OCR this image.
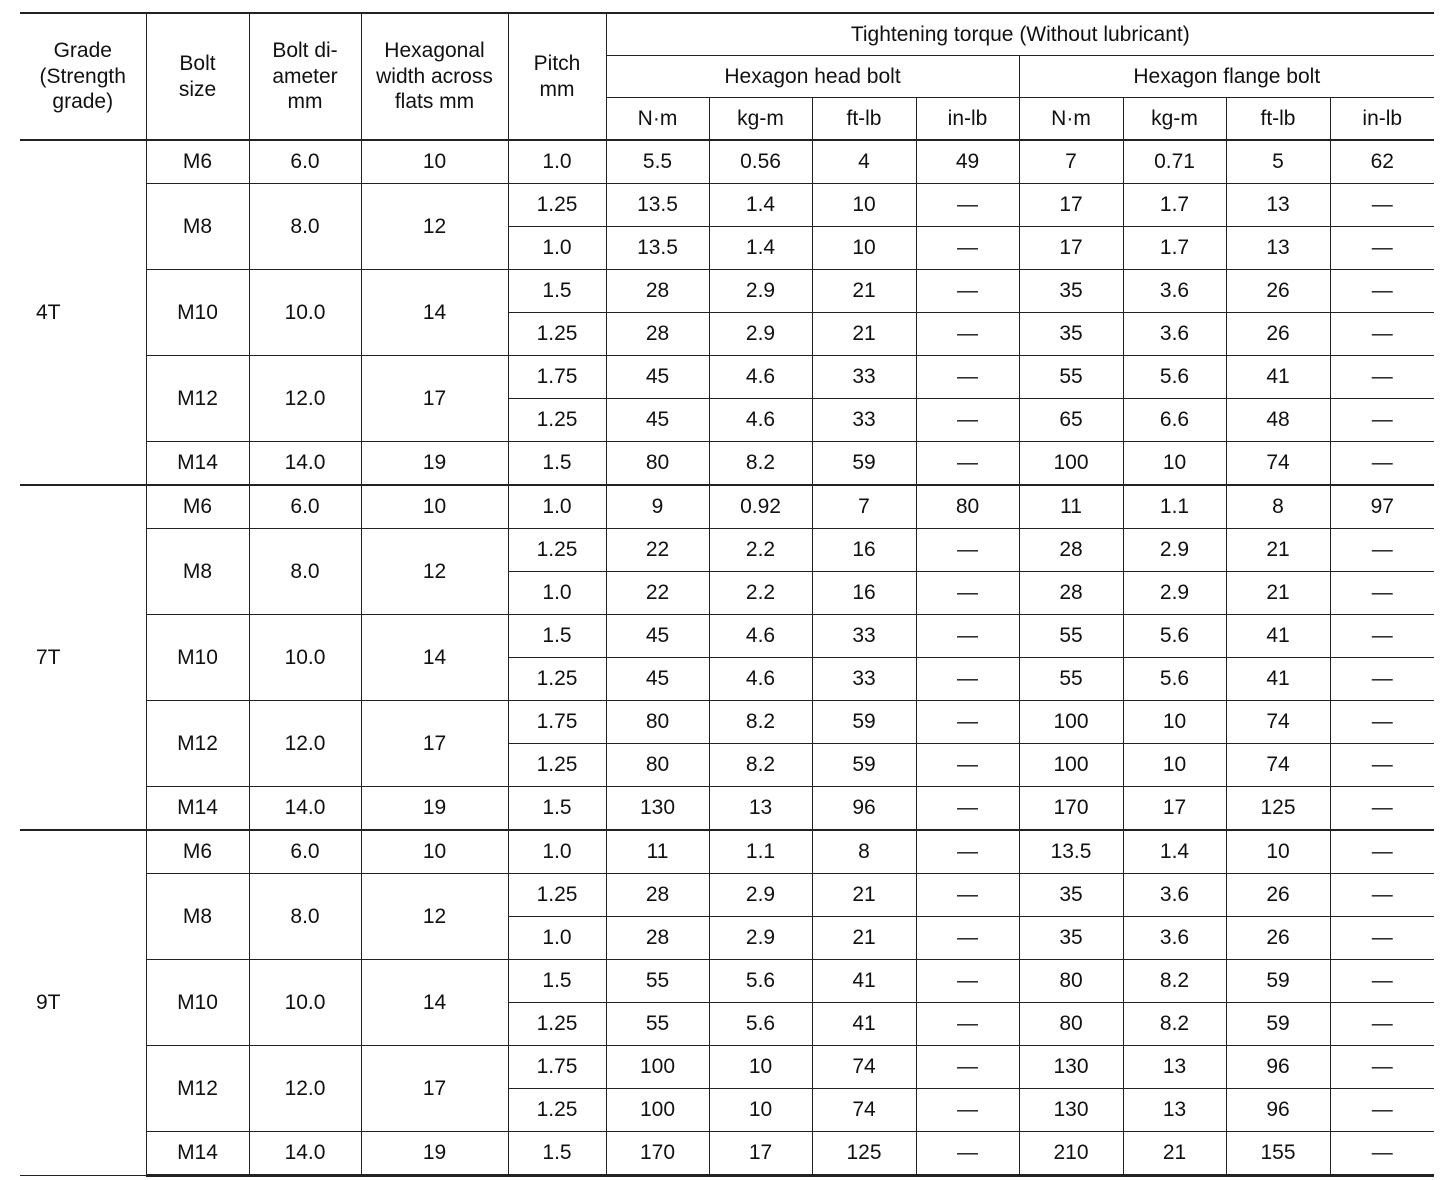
Grade (Strength grade)	Bolt size	Bolt di- ameter mm	Hexagonal width across flats mm	Pitch mm	Tightening torque (Without lubricant)							
					Hexagon head bolt				Hexagon flange bolt			
					N·m	kg-m	ft-lb	in-lb	N·m	kg-m	ft-lb	in-lb
4T	M6	6.0	10	1.0	5.5	0.56	4	49	7	0.71	5	62
	M8	8.0	12	1.25	13.5	1.4	10	—	17	1.7	13	—
				1.0	13.5	1.4	10	—	17	1.7	13	—
	M10	10.0	14	1.5	28	2.9	21	—	35	3.6	26	—
				1.25	28	2.9	21	—	35	3.6	26	—
	M12	12.0	17	1.75	45	4.6	33	—	55	5.6	41	—
				1.25	45	4.6	33	—	65	6.6	48	—
	M14	14.0	19	1.5	80	8.2	59	—	100	10	74	—
7T	M6	6.0	10	1.0	9	0.92	7	80	11	1.1	8	97
	M8	8.0	12	1.25	22	2.2	16	—	28	2.9	21	—
				1.0	22	2.2	16	—	28	2.9	21	—
	M10	10.0	14	1.5	45	4.6	33	—	55	5.6	41	—
				1.25	45	4.6	33	—	55	5.6	41	—
	M12	12.0	17	1.75	80	8.2	59	—	100	10	74	—
				1.25	80	8.2	59	—	100	10	74	—
	M14	14.0	19	1.5	130	13	96	—	170	17	125	—
9T	M6	6.0	10	1.0	11	1.1	8	—	13.5	1.4	10	—
	M8	8.0	12	1.25	28	2.9	21	—	35	3.6	26	—
				1.0	28	2.9	21	—	35	3.6	26	—
	M10	10.0	14	1.5	55	5.6	41	—	80	8.2	59	—
				1.25	55	5.6	41	—	80	8.2	59	—
	M12	12.0	17	1.75	100	10	74	—	130	13	96	—
				1.25	100	10	74	—	130	13	96	—
	M14	14.0	19	1.5	170	17	125	—	210	21	155	—
